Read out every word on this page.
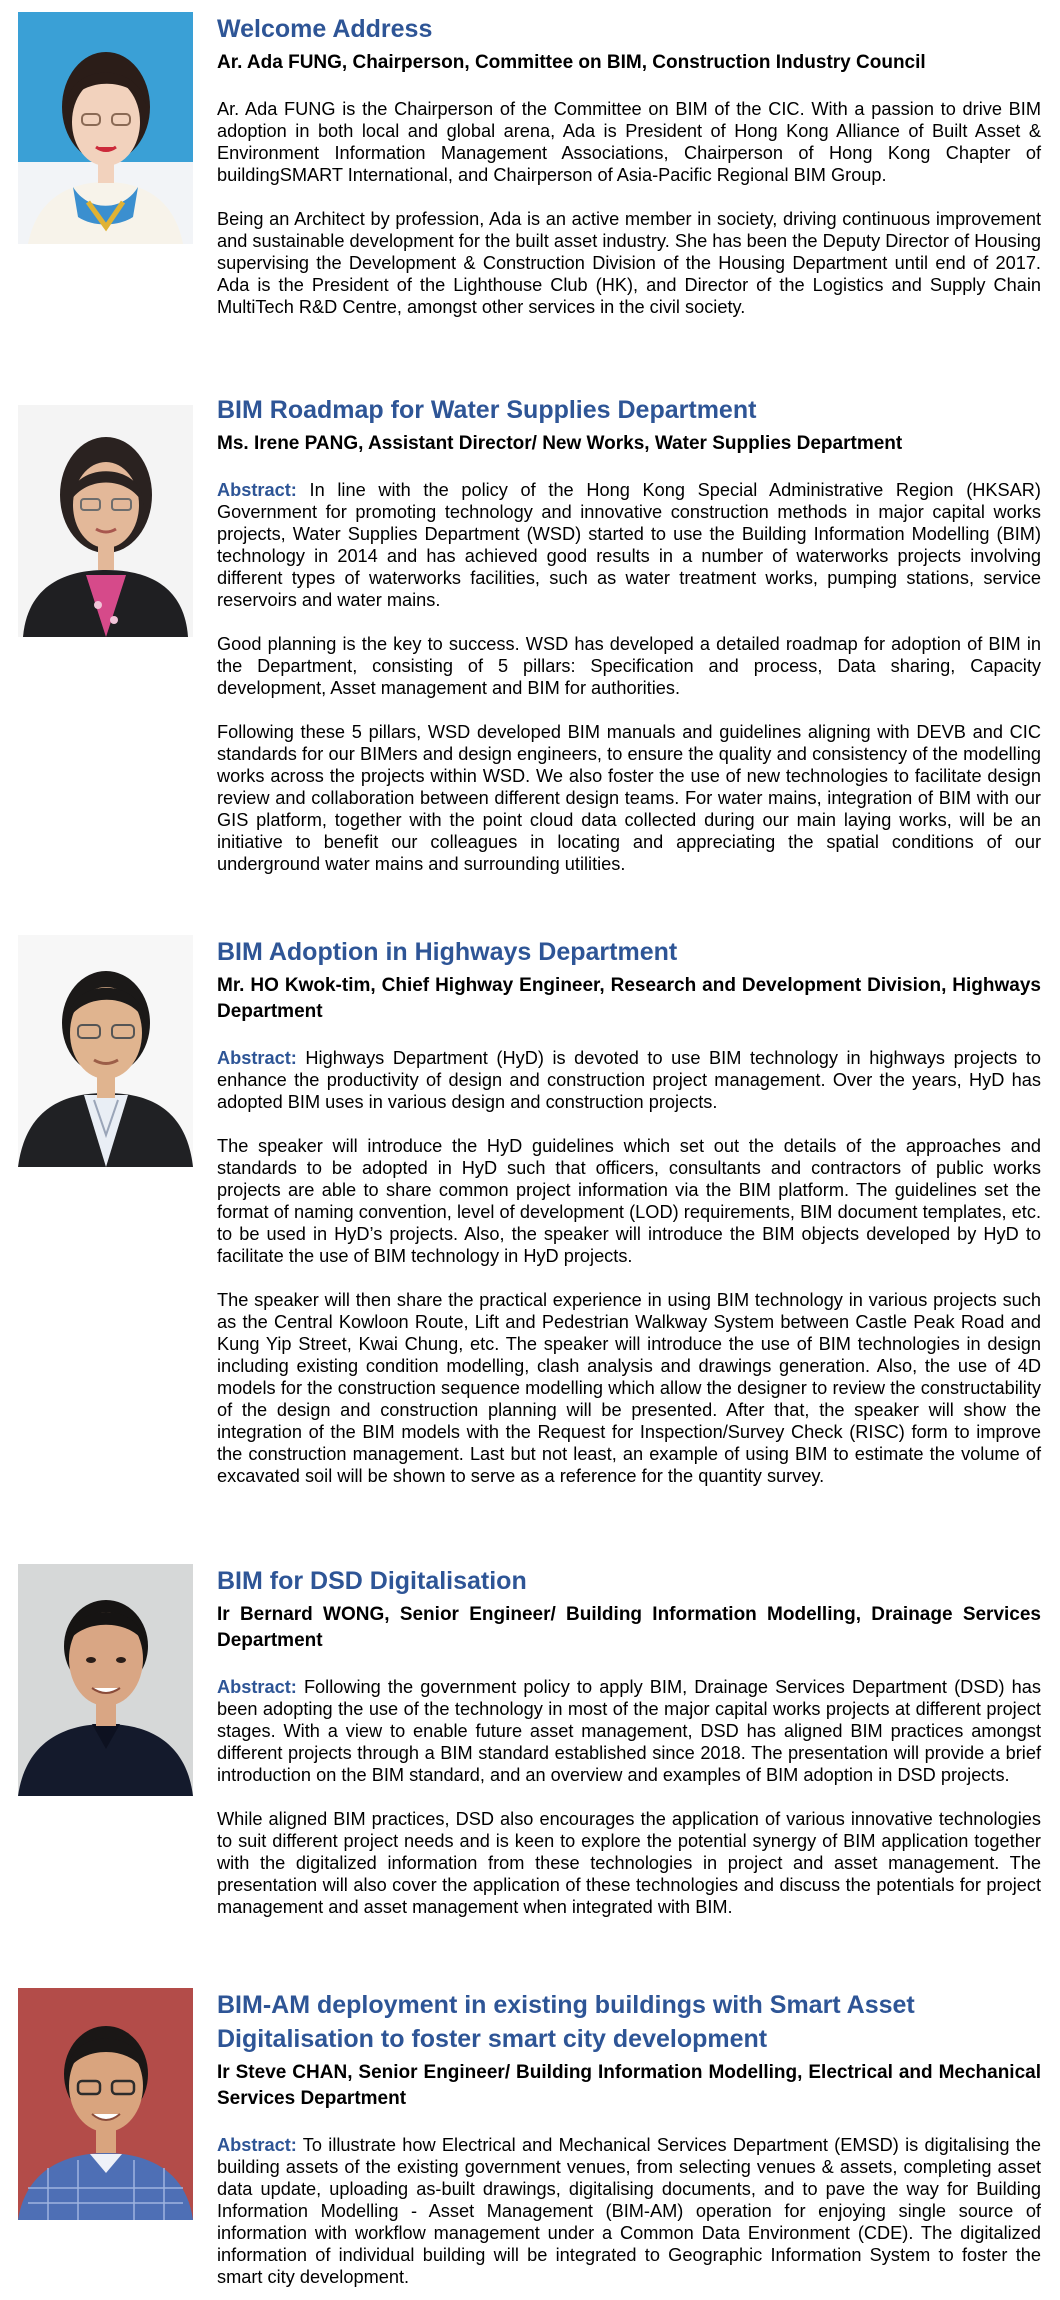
Welcome Address

Ar. Ada FUNG, Chairperson, Committee on BIM, Construction Industry Council

Ar. Ada FUNG is the Chairperson of the Committee on BIM of the CIC. With a passion to drive BIM adoption in both local and global arena, Ada is President of Hong Kong Alliance of Built Asset & Environment Information Management Associations, Chairperson of Hong Kong Chapter of buildingSMART International, and Chairperson of Asia-Pacific Regional BIM Group.

Being an Architect by profession, Ada is an active member in society, driving continuous improvement and sustainable development for the built asset industry. She has been the Deputy Director of Housing supervising the Development & Construction Division of the Housing Department until end of 2017. Ada is the President of the Lighthouse Club (HK), and Director of the Logistics and Supply Chain MultiTech R&D Centre, amongst other services in the civil society.

BIM Roadmap for Water Supplies Department

Ms. Irene PANG, Assistant Director/ New Works, Water Supplies Department

Abstract: In line with the policy of the Hong Kong Special Administrative Region (HKSAR) Government for promoting technology and innovative construction methods in major capital works projects, Water Supplies Department (WSD) started to use the Building Information Modelling (BIM) technology in 2014 and has achieved good results in a number of waterworks projects involving different types of waterworks facilities, such as water treatment works, pumping stations, service reservoirs and water mains.

Good planning is the key to success. WSD has developed a detailed roadmap for adoption of BIM in the Department, consisting of 5 pillars: Specification and process, Data sharing, Capacity development, Asset management and BIM for authorities.

Following these 5 pillars, WSD developed BIM manuals and guidelines aligning with DEVB and CIC standards for our BIMers and design engineers, to ensure the quality and consistency of the modelling works across the projects within WSD. We also foster the use of new technologies to facilitate design review and collaboration between different design teams. For water mains, integration of BIM with our GIS platform, together with the point cloud data collected during our main laying works, will be an initiative to benefit our colleagues in locating and appreciating the spatial conditions of our underground water mains and surrounding utilities.

BIM Adoption in Highways Department

Mr. HO Kwok-tim, Chief Highway Engineer, Research and Development Division, Highways Department

Abstract: Highways Department (HyD) is devoted to use BIM technology in highways projects to enhance the productivity of design and construction project management. Over the years, HyD has adopted BIM uses in various design and construction projects.

The speaker will introduce the HyD guidelines which set out the details of the approaches and standards to be adopted in HyD such that officers, consultants and contractors of public works projects are able to share common project information via the BIM platform. The guidelines set the format of naming convention, level of development (LOD) requirements, BIM document templates, etc. to be used in HyD’s projects. Also, the speaker will introduce the BIM objects developed by HyD to facilitate the use of BIM technology in HyD projects.

The speaker will then share the practical experience in using BIM technology in various projects such as the Central Kowloon Route, Lift and Pedestrian Walkway System between Castle Peak Road and Kung Yip Street, Kwai Chung, etc. The speaker will introduce the use of BIM technologies in design including existing condition modelling, clash analysis and drawings generation. Also, the use of 4D models for the construction sequence modelling which allow the designer to review the constructability of the design and construction planning will be presented. After that, the speaker will show the integration of the BIM models with the Request for Inspection/Survey Check (RISC) form to improve the construction management. Last but not least, an example of using BIM to estimate the volume of excavated soil will be shown to serve as a reference for the quantity survey.

BIM for DSD Digitalisation

Ir Bernard WONG, Senior Engineer/ Building Information Modelling, Drainage Services Department

Abstract: Following the government policy to apply BIM, Drainage Services Department (DSD) has been adopting the use of the technology in most of the major capital works projects at different project stages. With a view to enable future asset management, DSD has aligned BIM practices amongst different projects through a BIM standard established since 2018. The presentation will provide a brief introduction on the BIM standard, and an overview and examples of BIM adoption in DSD projects.

While aligned BIM practices, DSD also encourages the application of various innovative technologies to suit different project needs and is keen to explore the potential synergy of BIM application together with the digitalized information from these technologies in project and asset management. The presentation will also cover the application of these technologies and discuss the potentials for project management and asset management when integrated with BIM.

BIM-AM deployment in existing buildings with Smart Asset Digitalisation to foster smart city development

Ir Steve CHAN, Senior Engineer/ Building Information Modelling, Electrical and Mechanical Services Department

Abstract: To illustrate how Electrical and Mechanical Services Department (EMSD) is digitalising the building assets of the existing government venues, from selecting venues & assets, completing asset data update, uploading as-built drawings, digitalising documents, and to pave the way for Building Information Modelling - Asset Management (BIM-AM) operation for enjoying single source of information with workflow management under a Common Data Environment (CDE). The digitalized information of individual building will be integrated to Geographic Information System to foster the smart city development.
